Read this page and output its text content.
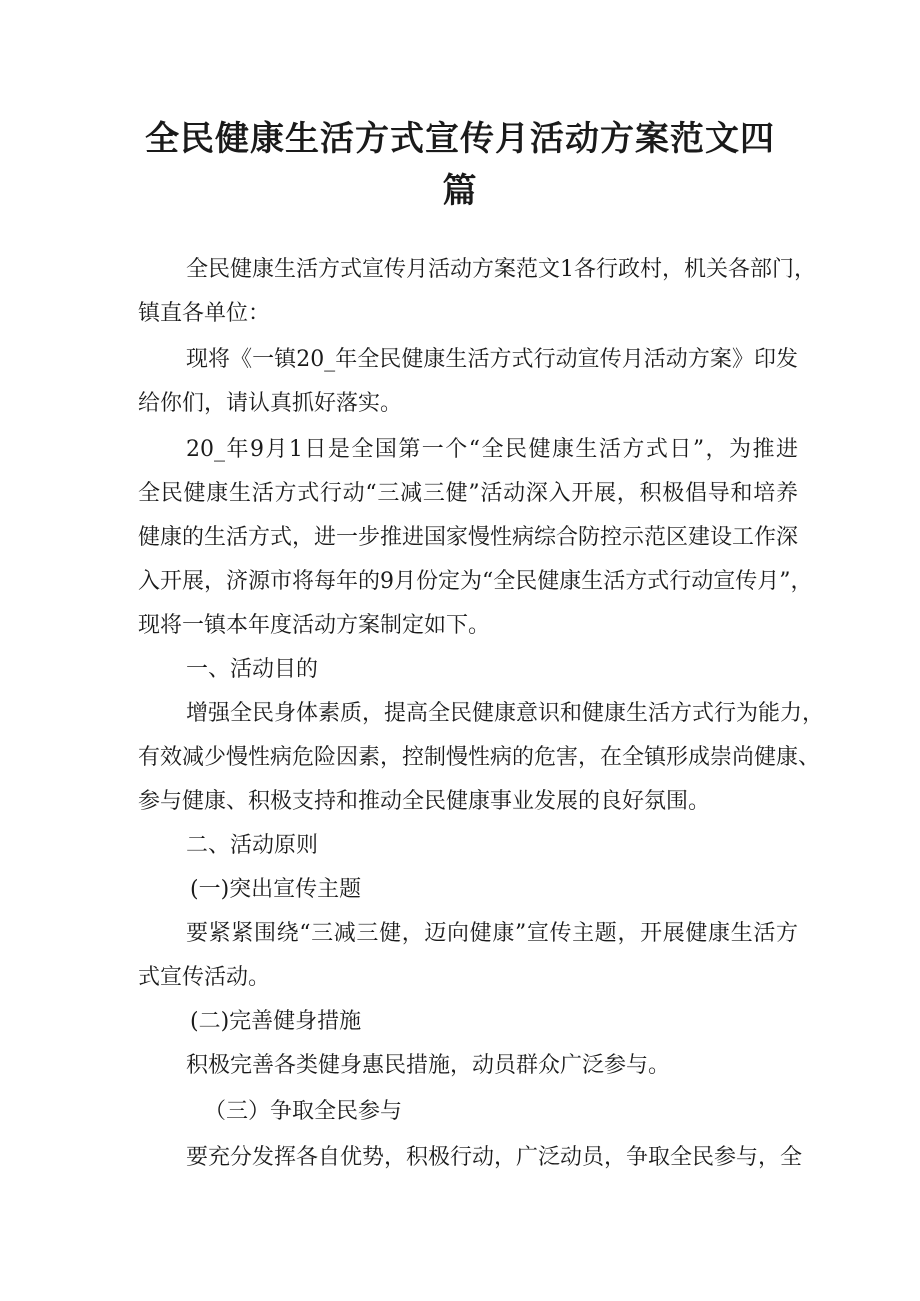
全民健康生活方式宣传月活动方案范文四
篇
全民健康生活方式宣传月活动方案范文1各行政村，机关各部门，
镇直各单位：
现将《一镇20_年全民健康生活方式行动宣传月活动方案》印发
给你们，请认真抓好落实。
20_年9月1日是全国第一个“全民健康生活方式日”，为推进
全民健康生活方式行动“三减三健”活动深入开展，积极倡导和培养
健康的生活方式，进一步推进国家慢性病综合防控示范区建设工作深
入开展，济源市将每年的9月份定为“全民健康生活方式行动宣传月”，
现将一镇本年度活动方案制定如下。
一、活动目的
增强全民身体素质，提高全民健康意识和健康生活方式行为能力，
有效减少慢性病危险因素，控制慢性病的危害，在全镇形成崇尚健康、
参与健康、积极支持和推动全民健康事业发展的良好氛围。
二、活动原则
(一)突出宣传主题
要紧紧围绕“三减三健，迈向健康”宣传主题，开展健康生活方
式宣传活动。
(二)完善健身措施
积极完善各类健身惠民措施，动员群众广泛参与。
（三）争取全民参与
要充分发挥各自优势，积极行动，广泛动员，争取全民参与，全
